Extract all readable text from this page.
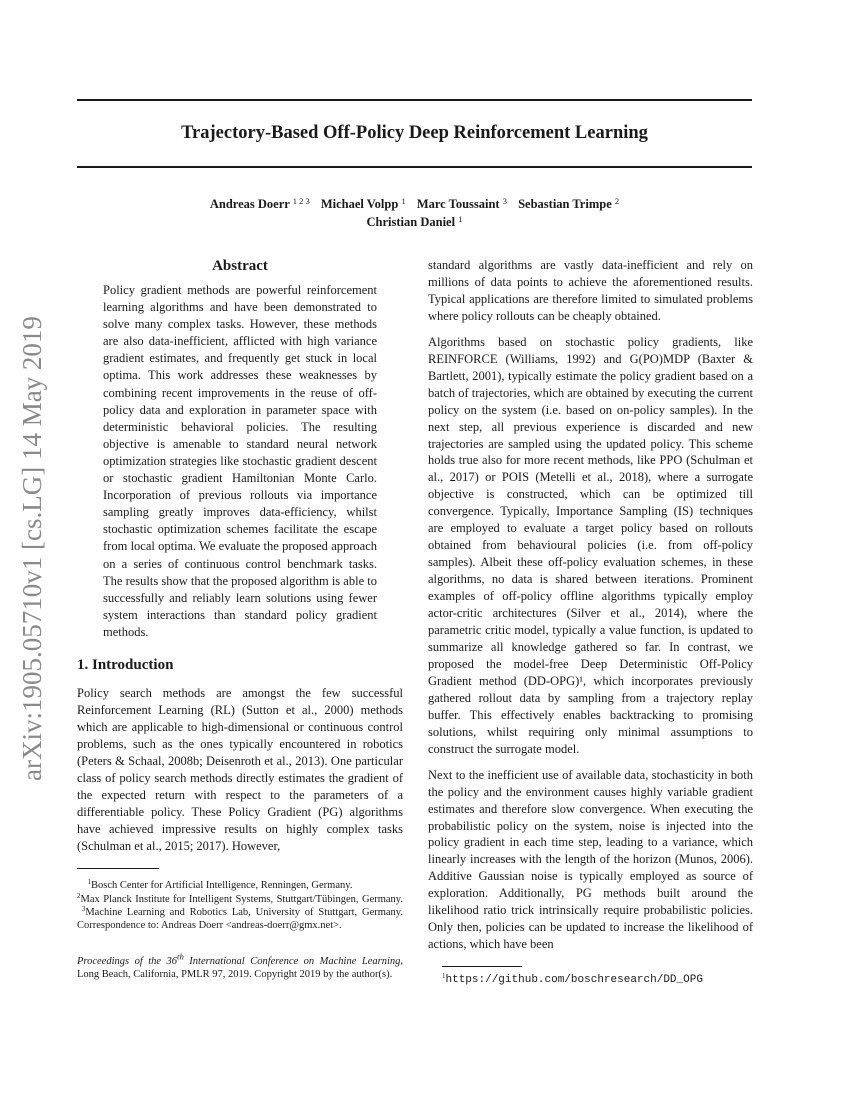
Trajectory-Based Off-Policy Deep Reinforcement Learning
Andreas Doerr $^{1 2 3}$ Michael Volpp $^1$ Marc Toussaint $^3$ Sebastian Trimpe $^2$
Christian Daniel $^1$
arXiv:1905.05710v1 [cs.LG] 14 May 2019
Abstract

Policy gradient methods are powerful reinforcement learning algorithms and have been demonstrated to solve many complex tasks. However, these methods are also data-inefficient, afflicted with high variance gradient estimates, and frequently get stuck in local optima. This work addresses these weaknesses by combining recent improvements in the reuse of off-policy data and exploration in parameter space with deterministic behavioral policies. The resulting objective is amenable to standard neural network optimization strategies like stochastic gradient descent or stochastic gradient Hamiltonian Monte Carlo. Incorporation of previous rollouts via importance sampling greatly improves data-efficiency, whilst stochastic optimization schemes facilitate the escape from local optima. We evaluate the proposed approach on a series of continuous control benchmark tasks. The results show that the proposed algorithm is able to successfully and reliably learn solutions using fewer system interactions than standard policy gradient methods.

1. Introduction

Policy search methods are amongst the few successful Reinforcement Learning (RL) (Sutton et al., 2000) methods which are applicable to high-dimensional or continuous control problems, such as the ones typically encountered in robotics (Peters & Schaal, 2008b; Deisenroth et al., 2013). One particular class of policy search methods directly estimates the gradient of the expected return with respect to the parameters of a differentiable policy. These Policy Gradient (PG) algorithms have achieved impressive results on highly complex tasks (Schulman et al., 2015; 2017). However,

$^1$Bosch Center for Artificial Intelligence, Renningen, Germany.

$^2$Max Planck Institute for Intelligent Systems, Stuttgart/Tübingen, Germany.  $^3$Machine Learning and Robotics Lab, University of Stuttgart, Germany. Correspondence to: Andreas Doerr <andreas-doerr@gmx.net>.

Proceedings of the 36th International Conference on Machine Learning, Long Beach, California, PMLR 97, 2019. Copyright 2019 by the author(s).

standard algorithms are vastly data-inefficient and rely on millions of data points to achieve the aforementioned results. Typical applications are therefore limited to simulated problems where policy rollouts can be cheaply obtained.

Algorithms based on stochastic policy gradients, like REINFORCE (Williams, 1992) and G(PO)MDP (Baxter & Bartlett, 2001), typically estimate the policy gradient based on a batch of trajectories, which are obtained by executing the current policy on the system (i.e. based on on-policy samples). In the next step, all previous experience is discarded and new trajectories are sampled using the updated policy. This scheme holds true also for more recent methods, like PPO (Schulman et al., 2017) or POIS (Metelli et al., 2018), where a surrogate objective is constructed, which can be optimized till convergence. Typically, Importance Sampling (IS) techniques are employed to evaluate a target policy based on rollouts obtained from behavioural policies (i.e. from off-policy samples). Albeit these off-policy evaluation schemes, in these algorithms, no data is shared between iterations. Prominent examples of off-policy offline algorithms typically employ actor-critic architectures (Silver et al., 2014), where the parametric critic model, typically a value function, is updated to summarize all knowledge gathered so far. In contrast, we proposed the model-free Deep Deterministic Off-Policy Gradient method (DD-OPG)¹, which incorporates previously gathered rollout data by sampling from a trajectory replay buffer. This effectively enables backtracking to promising solutions, whilst requiring only minimal assumptions to construct the surrogate model.

Next to the inefficient use of available data, stochasticity in both the policy and the environment causes highly variable gradient estimates and therefore slow convergence. When executing the probabilistic policy on the system, noise is injected into the policy gradient in each time step, leading to a variance, which linearly increases with the length of the horizon (Munos, 2006). Additive Gaussian noise is typically employed as source of exploration. Additionally, PG methods built around the likelihood ratio trick intrinsically require probabilistic policies. Only then, policies can be updated to increase the likelihood of actions, which have been

$^1$https://github.com/boschresearch/DD_OPG
